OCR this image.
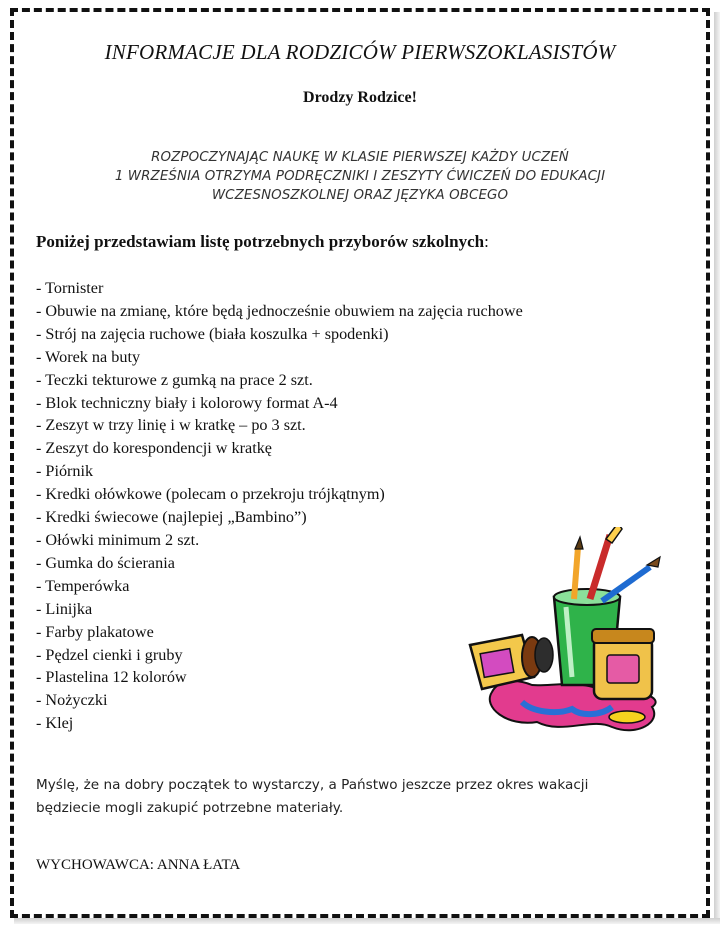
INFORMACJE DLA RODZICÓW PIERWSZOKLASISTÓW
Drodzy Rodzice!
ROZPOCZYNAJĄC NAUKĘ W KLASIE PIERWSZEJ KAŻDY UCZEŃ
1 WRZEŚNIA OTRZYMA PODRĘCZNIKI I ZESZYTY ĆWICZEŃ DO EDUKACJI
WCZESNOSZKOLNEJ ORAZ JĘZYKA OBCEGO
Poniżej przedstawiam listę potrzebnych przyborów szkolnych:
- Tornister
- Obuwie na zmianę, które będą jednocześnie obuwiem na zajęcia ruchowe
- Strój na zajęcia ruchowe (biała koszulka + spodenki)
- Worek na buty
- Teczki tekturowe z gumką na prace 2 szt.
- Blok techniczny biały i kolorowy format A-4
- Zeszyt w trzy linię i w kratkę – po 3 szt.
- Zeszyt do korespondencji w kratkę
- Piórnik
- Kredki ołówkowe (polecam o przekroju trójkątnym)
- Kredki świecowe (najlepiej „Bambino”)
- Ołówki minimum 2 szt.
- Gumka do ścierania
- Temperówka
- Linijka
- Farby plakatowe
- Pędzel cienki i gruby
- Plastelina 12 kolorów
- Nożyczki
- Klej
Myślę, że na dobry początek to wystarczy, a Państwo jeszcze przez okres wakacji
będziecie mogli zakupić potrzebne materiały.
WYCHOWAWCA: ANNA ŁATA
